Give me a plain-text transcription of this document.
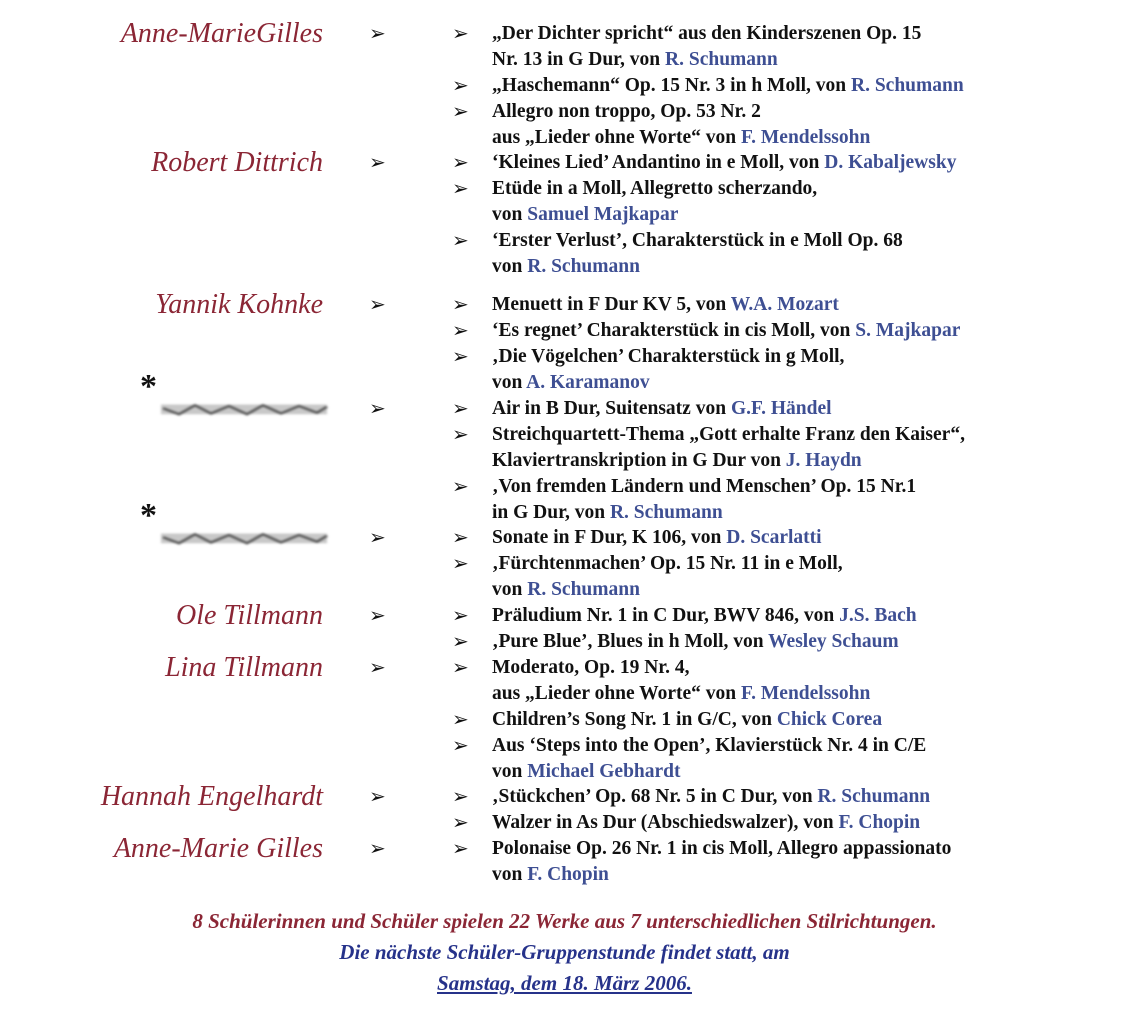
8 Schülerinnen und Schüler spielen 22 Werke aus 7 unterschiedlichen Stilrichtungen.
Die nächste Schüler-Gruppenstunde findet statt, am
Samstag, dem 18. März 2006.
Anne-MarieGilles ➢	➢ „Der Dichter spricht“ aus den Kinderszenen Op. 15
Nr. 13 in G Dur, von R. Schumann
➢ „Haschemann“ Op. 15 Nr. 3 in h Moll, von R. Schumann
➢ Allegro non troppo, Op. 53 Nr. 2
aus „Lieder ohne Worte“ von F. Mendelssohn
Robert Dittrich ➢	➢ ‘Kleines Lied’ Andantino in e Moll, von D. Kabaljewsky
➢ Etüde in a Moll, Allegretto scherzando,
von Samuel Majkapar
➢ ‘Erster Verlust’, Charakterstück in e Moll Op. 68
von R. Schumann
Yannik Kohnke ➢	➢ Menuett in F Dur KV 5, von W.A. Mozart
➢ ‘Es regnet’ Charakterstück in cis Moll, von S. Majkapar
➢ ‚Die Vögelchen’ Charakterstück in g Moll,
von A. Karamanov
*
➢	➢ Air in B Dur, Suitensatz von G.F. Händel
➢ Streichquartett-Thema „Gott erhalte Franz den Kaiser“,
Klaviertranskription in G Dur von J. Haydn
➢ ‚Von fremden Ländern und Menschen’ Op. 15 Nr.1
in G Dur, von R. Schumann
*
➢	➢ Sonate in F Dur, K 106, von D. Scarlatti
➢ ‚Fürchtenmachen’ Op. 15 Nr. 11 in e Moll,
von R. Schumann
Ole Tillmann ➢	➢ Präludium Nr. 1 in C Dur, BWV 846, von J.S. Bach
➢ ‚Pure Blue’, Blues in h Moll, von Wesley Schaum
Lina Tillmann ➢	➢ Moderato, Op. 19 Nr. 4,
aus „Lieder ohne Worte“ von F. Mendelssohn
➢ Children’s Song Nr. 1 in G/C, von Chick Corea
➢ Aus ‘Steps into the Open’, Klavierstück Nr. 4 in C/E
von Michael Gebhardt
Hannah Engelhardt ➢	➢ ‚Stückchen’ Op. 68 Nr. 5 in C Dur, von R. Schumann
➢ Walzer in As Dur (Abschiedswalzer), von F. Chopin
Anne-Marie Gilles ➢	➢ Polonaise Op. 26 Nr. 1 in cis Moll, Allegro appassionato
von F. Chopin
